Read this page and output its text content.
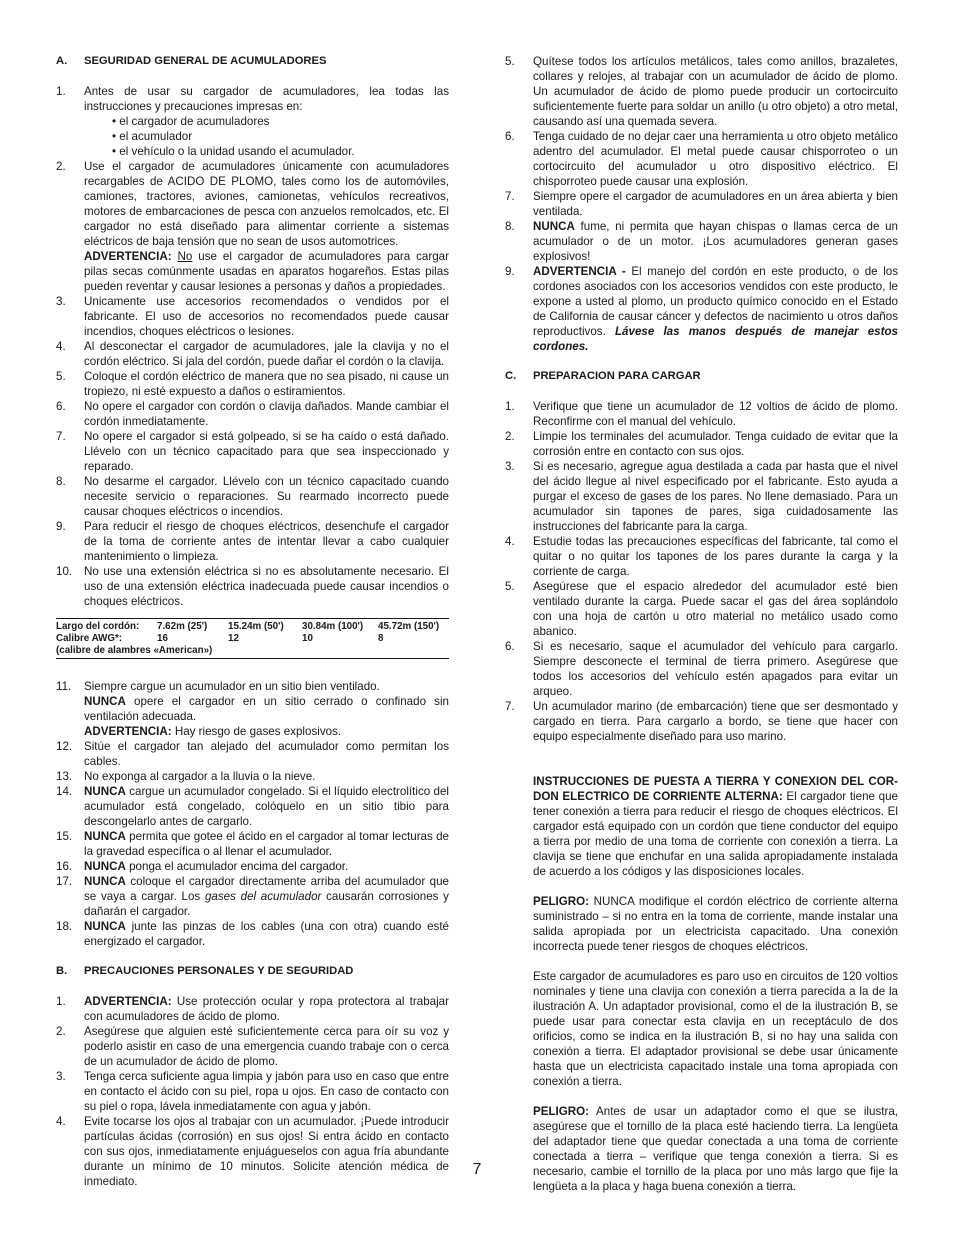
A.	SEGURIDAD GENERAL DE ACUMULADORES
1.	Antes de usar su cargador de acumuladores, lea todas las instrucciones y precauciones impresas en:

• el cargador de acumuladores

• el acumulador

• el vehículo o la unidad usando el acumulador.

2.	Use el cargador de acumuladores únicamente con acumuladores recargables de ACIDO DE PLOMO, tales como los de automóviles, camiones, tractores, aviones, camionetas, vehículos recreativos, motores de embarcaciones de pesca con anzuelos remolcados, etc. El cargador no está diseñado para alimentar corriente a sistemas eléctricos de baja tensión que no sean de usos automotrices.

ADVERTENCIA: No use el cargador de acumuladores para cargar pilas secas comúnmente usadas en aparatos hogareños. Estas pilas pueden reventar y causar lesiones a personas y daños a propiedades.

3.	Unicamente use accesorios recomendados o vendidos por el fabricante. El uso de accesorios no recomendados puede causar incendios, choques eléctricos o lesiones.

4.	Al desconectar el cargador de acumuladores, jale la clavija y no el cordón eléctrico. Si jala del cordón, puede dañar el cordón o la clavija.

5.	Coloque el cordón eléctrico de manera que no sea pisado, ni cause un tropiezo, ni esté expuesto a daños o estiramientos.

6.	No opere el cargador con cordón o clavija dañados. Mande cambiar el cordón inmediatamente.

7.	No opere el cargador si está golpeado, si se ha caído o está dañado. Llévelo con un técnico capacitado para que sea inspeccionado y reparado.

8.	No desarme el cargador. Llévelo con un técnico capacitado cuando necesite servicio o reparaciones. Su rearmado incorrecto puede causar choques eléctricos o incendios.

9.	Para reducir el riesgo de choques eléctricos, desenchufe el cargador de la toma de corriente antes de intentar llevar a cabo cualquier mantenimiento o limpieza.

10.	No use una extensión eléctrica si no es absolutamente necesario. El uso de una extensión eléctrica inadecuada puede causar incendios o choques eléctricos.

Largo del cordón:	7.62m (25')	15.24m (50')	30.84m (100')	45.72m (150')
Calibre AWG*:	16	12	10	8
(calibre de alambres «American»)
11.	Siempre cargue un acumulador en un sitio bien ventilado.

NUNCA opere el cargador en un sitio cerrado o confinado sin ventilación adecuada.

ADVERTENCIA: Hay riesgo de gases explosivos.

12.	Sitúe el cargador tan alejado del acumulador como permitan los cables.

13.	No exponga al cargador a la lluvia o la nieve.

14.	NUNCA cargue un acumulador congelado. Si el líquido electrolítico del acumulador está congelado, colóquelo en un sitio tibio para descongelarlo antes de cargarlo.

15.	NUNCA permita que gotee el ácido en el cargador al tomar lecturas de la gravedad específica o al llenar el acumulador.

16.	NUNCA ponga el acumulador encima del cargador.

17.	NUNCA coloque el cargador directamente arriba del acumulador que se vaya a cargar. Los gases del acumulador causarán corrosiones y dañarán el cargador.

18.	NUNCA junte las pinzas de los cables (una con otra) cuando esté energizado el cargador.

B.	PRECAUCIONES PERSONALES Y DE SEGURIDAD
1.	ADVERTENCIA: Use protección ocular y ropa protectora al trabajar con acumuladores de ácido de plomo.

2.	Asegúrese que alguien esté suficientemente cerca para oír su voz y poderlo asistir en caso de una emergencia cuando trabaje con o cerca de un acumulador de ácido de plomo.

3.	Tenga cerca suficiente agua limpia y jabón para uso en caso que entre en contacto el ácido con su piel, ropa u ojos. En caso de contacto con su piel o ropa, lávela inmediatamente con agua y jabón.

4.	Evite tocarse los ojos al trabajar con un acumulador. ¡Puede introducir partículas ácidas (corrosión) en sus ojos! Si entra ácido en contacto con sus ojos, inmediatamente enjuágueselos con agua fría abundante durante un mínimo de 10 minutos. Solicite atención médica de inmediato.

5.	Quítese todos los artículos metálicos, tales como anillos, brazaletes, collares y relojes, al trabajar con un acumulador de ácido de plomo. Un acumulador de ácido de plomo puede producir un cortocircuito suficientemente fuerte para soldar un anillo (u otro objeto) a otro metal, causando así una quemada severa.

6.	Tenga cuidado de no dejar caer una herramienta u otro objeto metálico adentro del acumulador. El metal puede causar chisporroteo o un cortocircuito del acumulador u otro dispositivo eléctrico. El chisporroteo puede causar una explosión.

7.	Siempre opere el cargador de acumuladores en un área abierta y bien ventilada.

8.	NUNCA fume, ni permita que hayan chispas o llamas cerca de un acumulador o de un motor. ¡Los acumuladores generan gases explosivos!

9.	ADVERTENCIA - El manejo del cordón en este producto, o de los cordones asociados con los accesorios vendidos con este producto, le expone a usted al plomo, un producto químico conocido en el Estado de California de causar cáncer y defectos de nacimiento u otros daños reproductivos. Lávese las manos después de manejar estos cordones.

C.	PREPARACION PARA CARGAR
1.	Verifique que tiene un acumulador de 12 voltios de ácido de plomo. Reconfirme con el manual del vehículo.

2.	Limpie los terminales del acumulador. Tenga cuidado de evitar que la corrosión entre en contacto con sus ojos.

3.	Si es necesario, agregue agua destilada a cada par hasta que el nivel del ácido llegue al nivel especificado por el fabricante. Esto ayuda a purgar el exceso de gases de los pares. No llene demasiado. Para un acumulador sin tapones de pares, siga cuidadosamente las instrucciones del fabricante para la carga.

4.	Estudie todas las precauciones específicas del fabricante, tal como el quitar o no quitar los tapones de los pares durante la carga y la corriente de carga.

5.	Asegúrese que el espacio alrededor del acumulador esté bien ventilado durante la carga. Puede sacar el gas del área soplándolo con una hoja de cartón u otro material no metálico usado como abanico.

6.	Si es necesario, saque el acumulador del vehículo para cargarlo. Siempre desconecte el terminal de tierra primero. Asegúrese que todos los accesorios del vehículo estén apagados para evitar un arqueo.

7.	Un acumulador marino (de embarcación) tiene que ser desmontado y cargado en tierra. Para cargarlo a bordo, se tiene que hacer con equipo especialmente diseñado para uso marino.

INSTRUCCIONES DE PUESTA A TIERRA Y CONEXION DEL COR-DON ELECTRICO DE CORRIENTE ALTERNA: El cargador tiene que tener conexión a tierra para reducir el riesgo de choques eléctricos. El cargador está equipado con un cordón que tiene conductor del equipo a tierra por medio de una toma de corriente con conexión a tierra. La clavija se tiene que enchufar en una salida apropiadamente instalada de acuerdo a los códigos y las disposiciones locales.

PELIGRO: NUNCA modifique el cordón eléctrico de corriente alterna suministrado – si no entra en la toma de corriente, mande instalar una salida apropiada por un electricista capacitado. Una conexión incorrecta puede tener riesgos de choques eléctricos.

Este cargador de acumuladores es paro uso en circuitos de 120 voltios nominales y tiene una clavija con conexión a tierra parecida a la de la ilustración A. Un adaptador provisional, como el de la ilustración B, se puede usar para conectar esta clavija en un receptáculo de dos orificios, como se indica en la ilustración B, si no hay una salida con conexión a tierra. El adaptador provisional se debe usar únicamente hasta que un electricista capacitado instale una toma apropiada con conexión a tierra.

PELIGRO: Antes de usar un adaptador como el que se ilustra, asegúrese que el tornillo de la placa esté haciendo tierra. La lengüeta del adaptador tiene que quedar conectada a una toma de corriente conectada a tierra – verifique que tenga conexión a tierra. Si es necesario, cambie el tornillo de la placa por uno más largo que fije la lengüeta a la placa y haga buena conexión a tierra.

7
